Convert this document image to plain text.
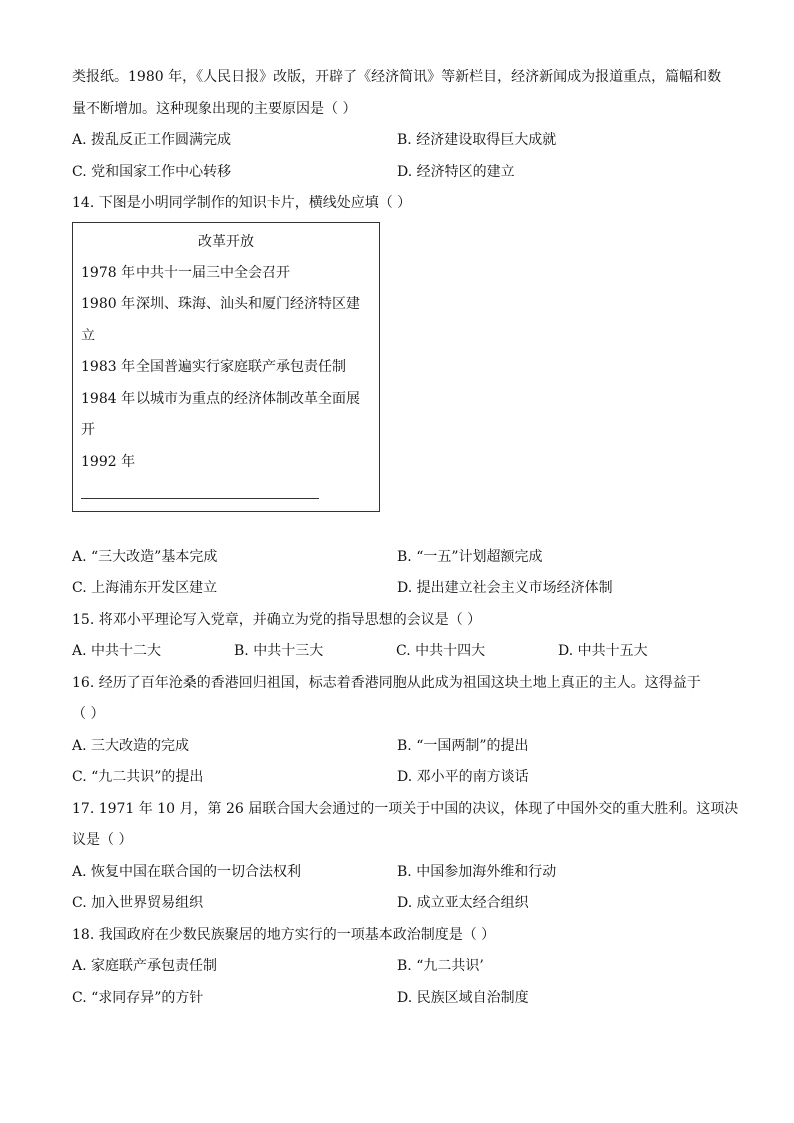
类报纸。1980 年，《人民日报》改版，开辟了《经济简讯》等新栏目，经济新闻成为报道重点，篇幅和数
量不断增加。这种现象出现的主要原因是（ ）
A. 拨乱反正工作圆满完成	B. 经济建设取得巨大成就
C. 党和国家工作中心转移	D. 经济特区的建立
14. 下图是小明同学制作的知识卡片，横线处应填（ ）
改革开放
1978 年中共十一届三中全会召开
1980 年深圳、珠海、汕头和厦门经济特区建立
1983 年全国普遍实行家庭联产承包责任制
1984 年以城市为重点的经济体制改革全面展开
1992 年
A. “三大改造”基本完成	B. “一五”计划超额完成
C. 上海浦东开发区建立	D. 提出建立社会主义市场经济体制
15. 将邓小平理论写入党章，并确立为党的指导思想的会议是（ ）
A. 中共十二大	B. 中共十三大	C. 中共十四大	D. 中共十五大
16. 经历了百年沧桑的香港回归祖国，标志着香港同胞从此成为祖国这块土地上真正的主人。这得益于
（ ）
A. 三大改造的完成	B. “一国两制”的提出
C. “九二共识”的提出	D. 邓小平的南方谈话
17. 1971 年 10 月，第 26 届联合国大会通过的一项关于中国的决议，体现了中国外交的重大胜利。这项决
议是（ ）
A. 恢复中国在联合国的一切合法权利	B. 中国参加海外维和行动
C. 加入世界贸易组织	D. 成立亚太经合组织
18. 我国政府在少数民族聚居的地方实行的一项基本政治制度是（ ）
A. 家庭联产承包责任制	B. “九二共识’
C. “求同存异”的方针	D. 民族区域自治制度
